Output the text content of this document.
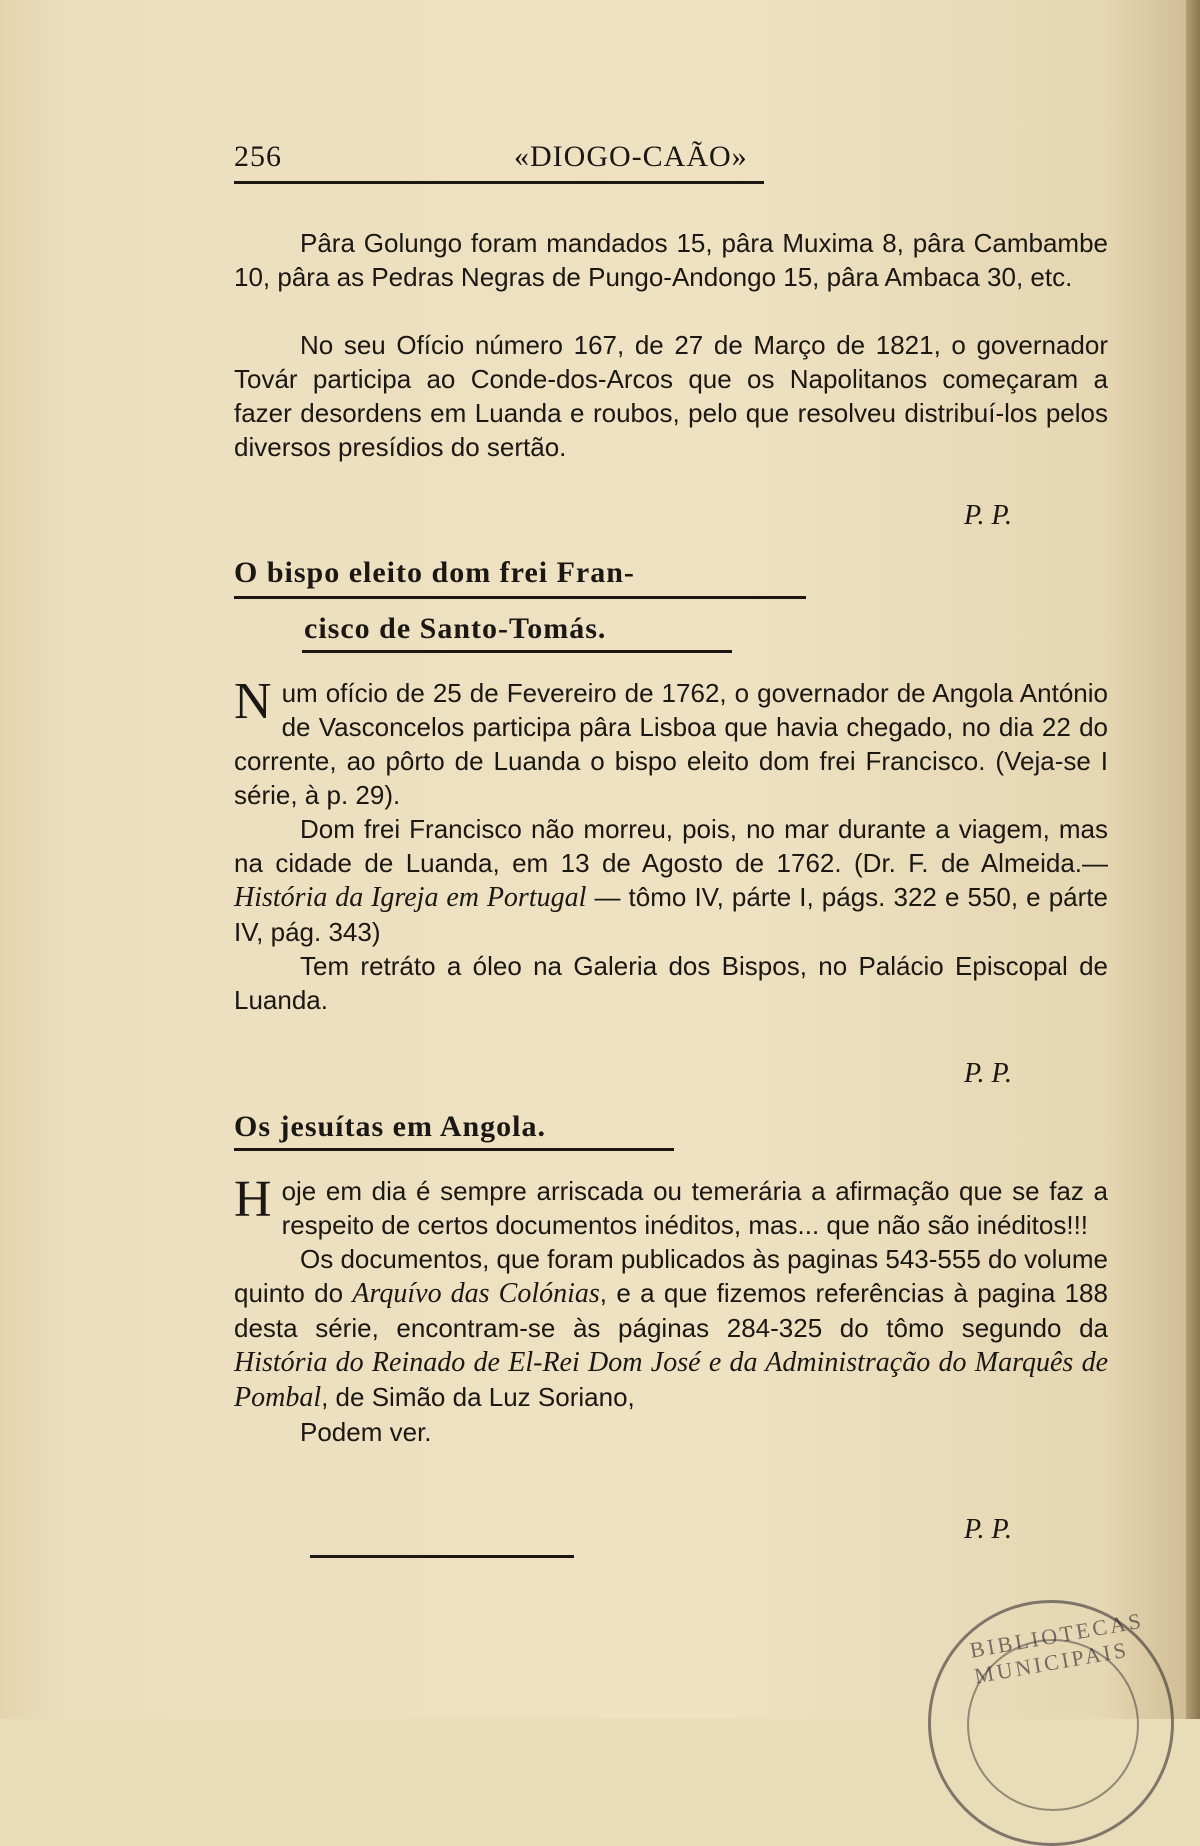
256	«DIOGO-CAÃO»

Pâra Golungo foram mandados 15, pâra Muxima 8, pâra Cambambe 10, pâra as Pedras Negras de Pungo-Andongo 15, pâra Ambaca 30, etc.

No seu Ofício número 167, de 27 de Março de 1821, o governador Továr participa ao Conde-dos-Arcos que os Napolitanos começaram a fazer desordens em Luanda e roubos, pelo que resolveu distribuí-los pelos diversos presídios do sertão.

P. P.
O bispo eleito dom frei Fran-
cisco de Santo-Tomás.
N um ofício de 25 de Fevereiro de 1762, o governador de Angola António de Vasconcelos participa pâra Lisboa que havia chegado, no dia 22 do corrente, ao pôrto de Luanda o bispo eleito dom frei Francisco. (Veja-se I série, à p. 29).

Dom frei Francisco não morreu, pois, no mar durante a viagem, mas na cidade de Luanda, em 13 de Agosto de 1762. (Dr. F. de Almeida.— História da Igreja em Portugal — tômo IV, párte I, págs. 322 e 550, e párte IV, pág. 343)

Tem retráto a óleo na Galeria dos Bispos, no Palácio Episcopal de Luanda.

P. P.
Os jesuítas em Angola.
H oje em dia é sempre arriscada ou temerária a afirmação que se faz a respeito de certos documentos inéditos, mas... que não são inéditos!!!

Os documentos, que foram publicados às paginas 543-555 do volume quinto do Arquívo das Colónias, e a que fizemos referências à pagina 188 desta série, encontram-se às páginas 284-325 do tômo segundo da História do Reinado de El-Rei Dom José e da Administração do Marquês de Pombal, de Simão da Luz Soriano,

Podem ver.

P. P.
BIBLIOTECAS MUNICIPAIS
